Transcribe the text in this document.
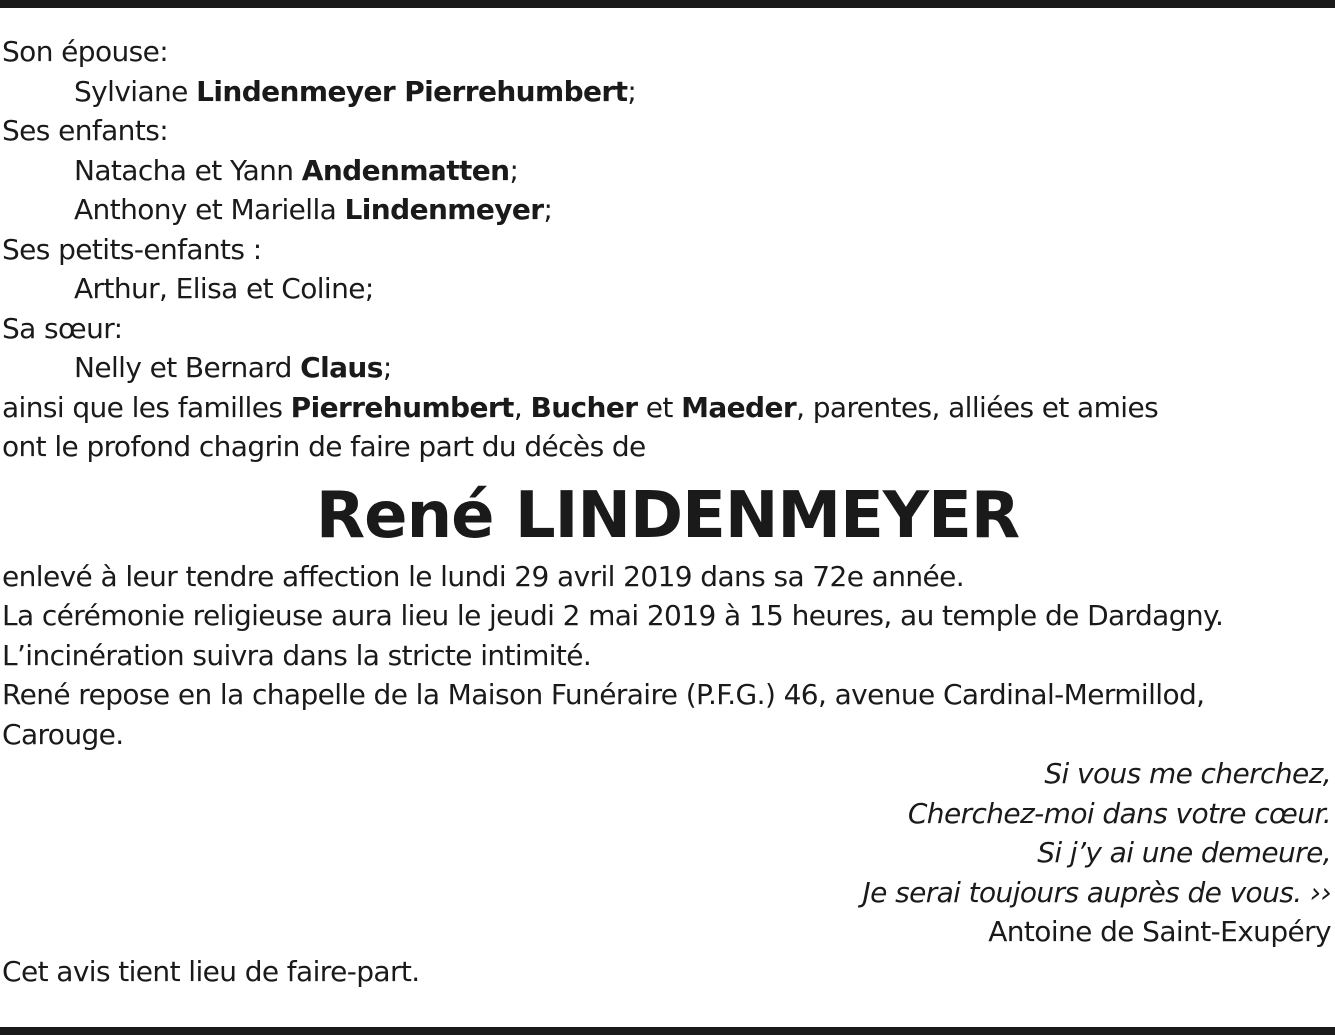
Son épouse:
Sylviane Lindenmeyer Pierrehumbert;
Ses enfants:
Natacha et Yann Andenmatten;
Anthony et Mariella Lindenmeyer;
Ses petits-enfants :
Arthur, Elisa et Coline;
Sa sœur:
Nelly et Bernard Claus;
ainsi que les familles Pierrehumbert, Bucher et Maeder, parentes, alliées et amies
ont le profond chagrin de faire part du décès de
René LINDENMEYER
enlevé à leur tendre affection le lundi 29 avril 2019 dans sa 72e année.
La cérémonie religieuse aura lieu le jeudi 2 mai 2019 à 15 heures, au temple de Dardagny.
L’incinération suivra dans la stricte intimité.
René repose en la chapelle de la Maison Funéraire (P.F.G.) 46, avenue Cardinal-Mermillod,
Carouge.
Si vous me cherchez,
Cherchez-moi dans votre cœur.
Si j’y ai une demeure,
Je serai toujours auprès de vous. ››
Antoine de Saint-Exupéry
Cet avis tient lieu de faire-part.
